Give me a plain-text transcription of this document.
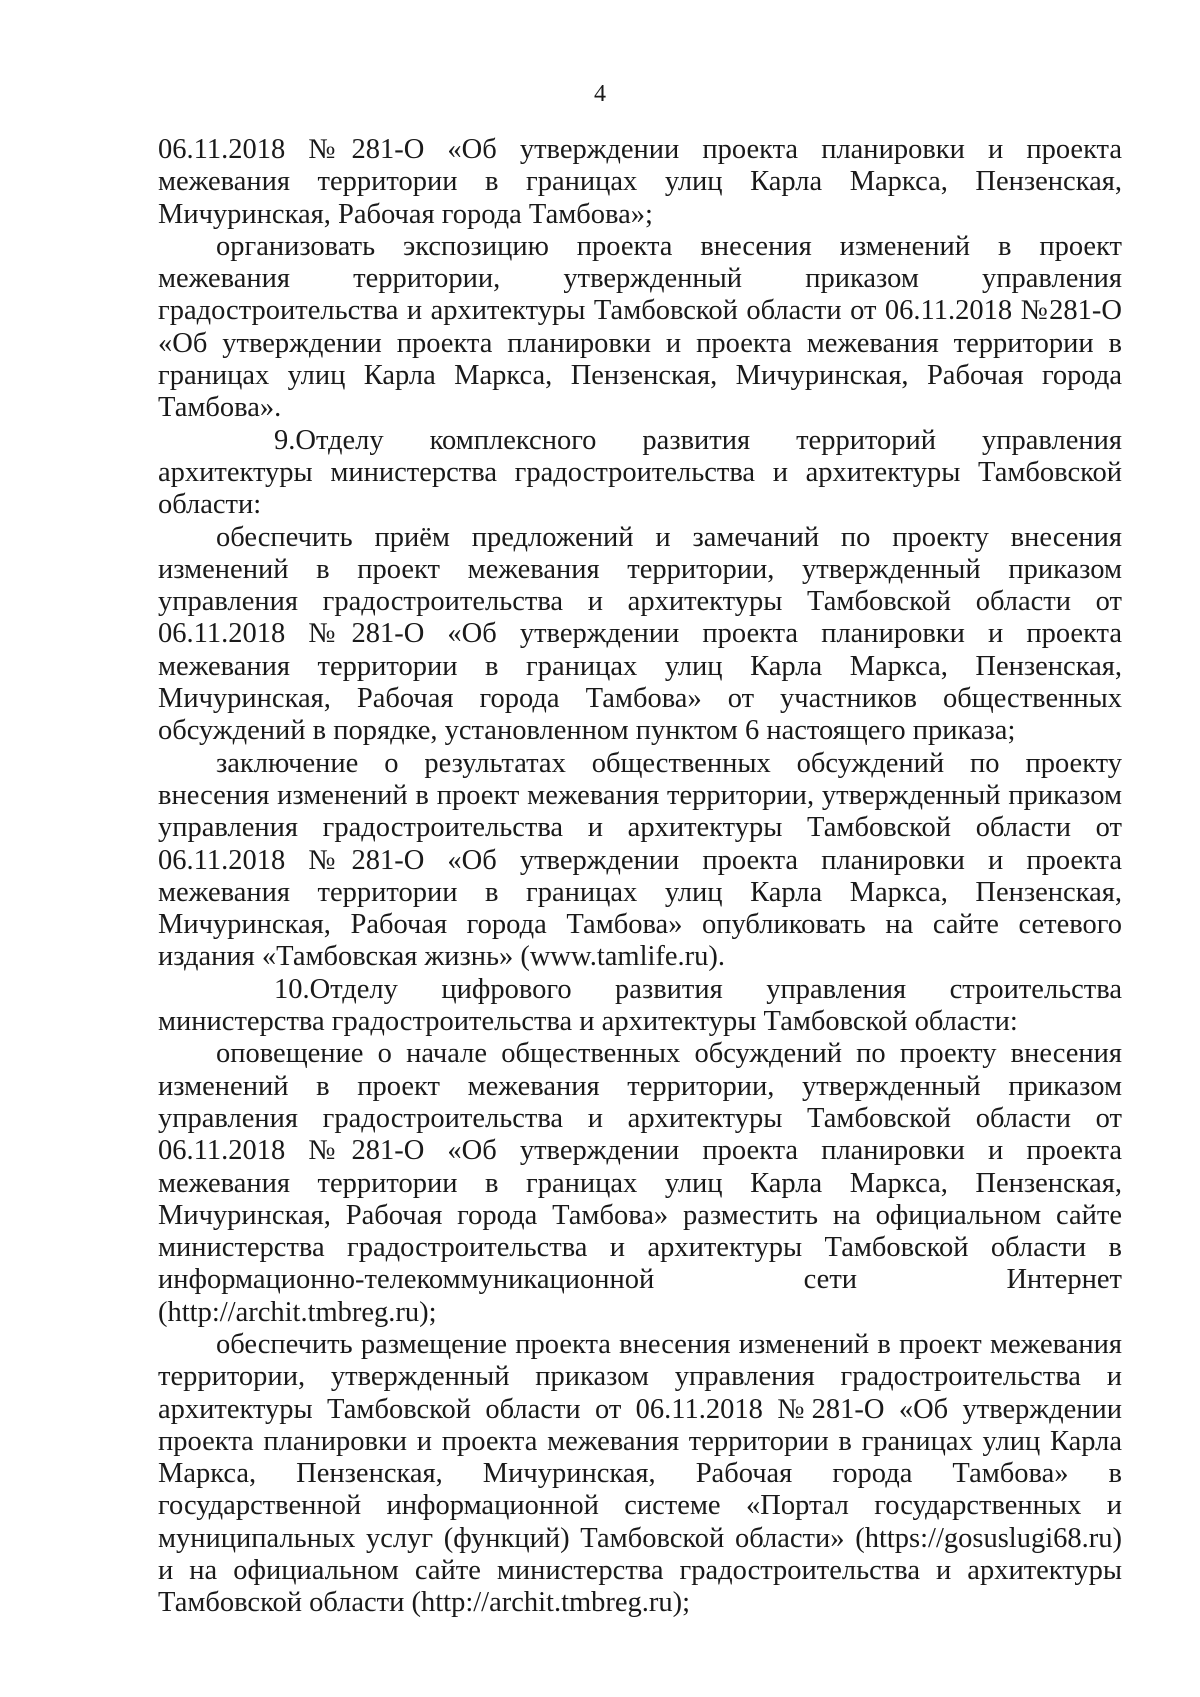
4

06.11.2018 №281-О «Об утверждении проекта планировки и проекта межевания территории в границах улиц Карла Маркса, Пензенская, Мичуринская, Рабочая города Тамбова»;

организовать экспозицию проекта внесения изменений в проект межевания территории, утвержденный приказом управления градостроительства и архитектуры Тамбовской области от 06.11.2018 №281-О «Об утверждении проекта планировки и проекта межевания территории в границах улиц Карла Маркса, Пензенская, Мичуринская, Рабочая города Тамбова».

9.Отделу комплексного развития территорий управления архитектуры министерства градостроительства и архитектуры Тамбовской области:

обеспечить приём предложений и замечаний по проекту внесения изменений в проект межевания территории, утвержденный приказом управления градостроительства и архитектуры Тамбовской области от 06.11.2018 №281-О «Об утверждении проекта планировки и проекта межевания территории в границах улиц Карла Маркса, Пензенская, Мичуринская, Рабочая города Тамбова» от участников общественных обсуждений в порядке, установленном пунктом 6 настоящего приказа;

заключение о результатах общественных обсуждений по проекту внесения изменений в проект межевания территории, утвержденный приказом управления градостроительства и архитектуры Тамбовской области от 06.11.2018 №281-О «Об утверждении проекта планировки и проекта межевания территории в границах улиц Карла Маркса, Пензенская, Мичуринская, Рабочая города Тамбова» опубликовать на сайте сетевого издания «Тамбовская жизнь» (www.tamlife.ru).

10.Отделу цифрового развития управления строительства министерства градостроительства и архитектуры Тамбовской области:

оповещение о начале общественных обсуждений по проекту внесения изменений в проект межевания территории, утвержденный приказом управления градостроительства и архитектуры Тамбовской области от 06.11.2018 №281-О «Об утверждении проекта планировки и проекта межевания территории в границах улиц Карла Маркса, Пензенская, Мичуринская, Рабочая города Тамбова» разместить на официальном сайте министерства градостроительства и архитектуры Тамбовской области в информационно-телекоммуникационной сети Интернет (http://archit.tmbreg.ru);

обеспечить размещение проекта внесения изменений в проект межевания территории, утвержденный приказом управления градостроительства и архитектуры Тамбовской области от 06.11.2018 №281-О «Об утверждении проекта планировки и проекта межевания территории в границах улиц Карла Маркса, Пензенская, Мичуринская, Рабочая города Тамбова» в государственной информационной системе «Портал государственных и муниципальных услуг (функций) Тамбовской области» (https://gosuslugi68.ru) и на официальном сайте министерства градостроительства и архитектуры Тамбовской области (http://archit.tmbreg.ru);
